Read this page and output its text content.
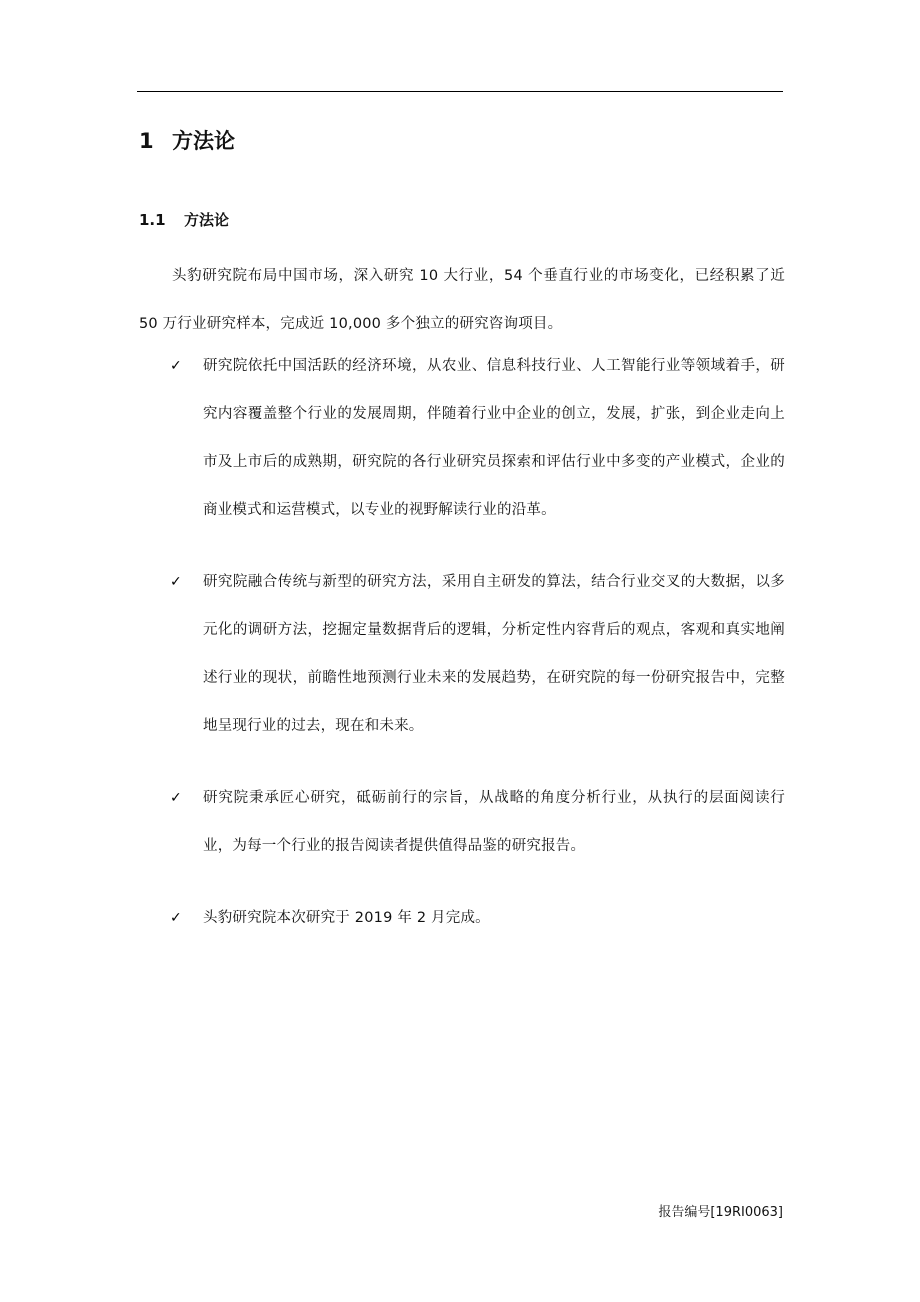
1 方法论
1.1 方法论

头豹研究院布局中国市场，深入研究 10 大行业，54 个垂直行业的市场变化，已经积累了近 50 万行业研究样本，完成近 10,000 多个独立的研究咨询项目。

✓	研究院依托中国活跃的经济环境，从农业、信息科技行业、人工智能行业等领域着手，研究内容覆盖整个行业的发展周期，伴随着行业中企业的创立，发展，扩张，到企业走向上市及上市后的成熟期，研究院的各行业研究员探索和评估行业中多变的产业模式，企业的商业模式和运营模式，以专业的视野解读行业的沿革。

✓	研究院融合传统与新型的研究方法，采用自主研发的算法，结合行业交叉的大数据，以多元化的调研方法，挖掘定量数据背后的逻辑，分析定性内容背后的观点，客观和真实地阐述行业的现状，前瞻性地预测行业未来的发展趋势，在研究院的每一份研究报告中，完整地呈现行业的过去，现在和未来。

✓	研究院秉承匠心研究，砥砺前行的宗旨，从战略的角度分析行业，从执行的层面阅读行业，为每一个行业的报告阅读者提供值得品鉴的研究报告。

✓	头豹研究院本次研究于 2019 年 2 月完成。

报告编号[19RI0063]
